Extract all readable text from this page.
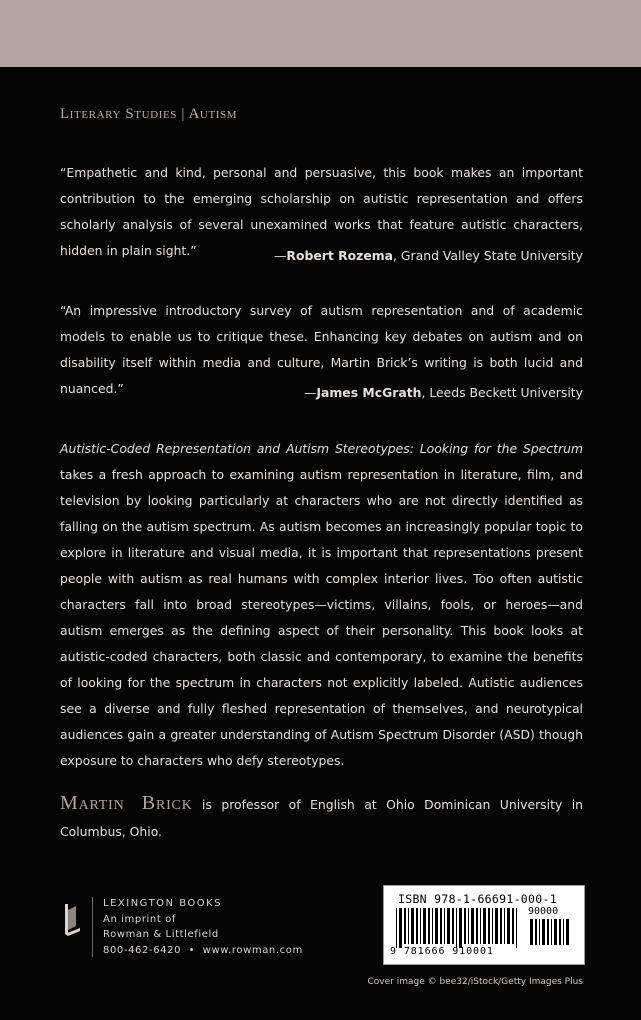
Literary Studies | Autism
“Empathetic and kind, personal and persuasive, this book makes an important contribution to the emerging scholarship on autistic representation and offers scholarly analysis of several unexamined works that feature autistic characters, hidden in plain sight.”	—Robert Rozema, Grand Valley State University
“An impressive introductory survey of autism representation and of academic models to enable us to critique these. Enhancing key debates on autism and on disability itself within media and culture, Martin Brick’s writing is both lucid and nuanced.”	—James McGrath, Leeds Beckett University
Autistic-Coded Representation and Autism Stereotypes: Looking for the Spectrum takes a fresh approach to examining autism representation in literature, film, and television by looking particularly at characters who are not directly identified as falling on the autism spectrum. As autism becomes an increasingly popular topic to explore in literature and visual media, it is important that representations present people with autism as real humans with complex interior lives. Too often autistic characters fall into broad stereotypes—victims, villains, fools, or heroes—and autism emerges as the defining aspect of their personality. This book looks at autistic-coded characters, both classic and contemporary, to examine the benefits of looking for the spectrum in characters not explicitly labeled. Autistic audiences see a diverse and fully fleshed representation of themselves, and neurotypical audiences gain a greater understanding of Autism Spectrum Disorder (ASD) though exposure to characters who defy stereotypes.
Martin Brick is professor of English at Ohio Dominican University in Columbus, Ohio.
LEXINGTON BOOKS
An imprint of
Rowman & Littlefield
800-462-6420 • www.rowman.com
ISBN 978-1-66691-000-1
90000
9 781666 910001
Cover image © bee32/iStock/Getty Images Plus
